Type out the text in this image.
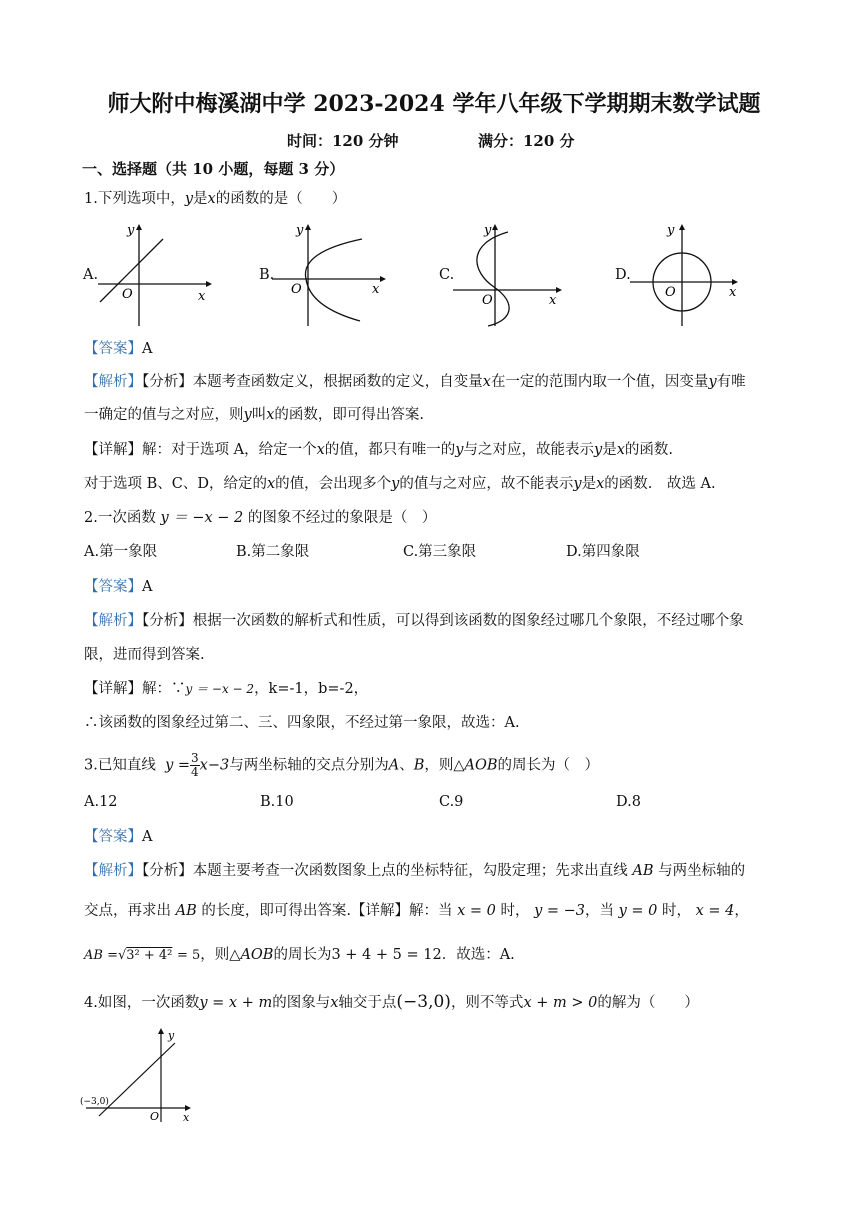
师大附中梅溪湖中学 2023-2024 学年八年级下学期期末数学试题
时间：120 分钟	满分：120 分
一、选择题（共 10 小题，每题 3 分）
1.下列选项中，y是x的函数的是（　　）
A.
x
y
O
B.
x
y
O
C.
x
y
O
D.
x
y
O
【答案】A
【解析】【分析】本题考查函数定义，根据函数的定义，自变量x在一定的范围内取一个值，因变量y有唯
一确定的值与之对应，则y叫x的函数，即可得出答案.
【详解】解：对于选项 A，给定一个x的值，都只有唯一的y与之对应，故能表示y是x的函数.
对于选项 B、C、D，给定的x的值，会出现多个y的值与之对应，故不能表示y是x的函数.　故选 A.
2.一次函数 y ＝ −x − 2 的图象不经过的象限是（　）
A.第一象限	B.第二象限	C.第三象限	D.第四象限
【答案】A
【解析】【分析】根据一次函数的解析式和性质，可以得到该函数的图象经过哪几个象限，不经过哪个象
限，进而得到答案.
【详解】解：∵y ＝ −x − 2，k=-1，b=-2，
∴该函数的图象经过第二、三、四象限，不经过第一象限，故选：A.
3.已知直线 $y = \frac{3}{4} x-3$与两坐标轴的交点分别为A、B，则△AOB的周长为（　）
A.12	B.10	C.9	D.8
【答案】A
【解析】【分析】本题主要考查一次函数图象上点的坐标特征，勾股定理；先求出直线 AB 与两坐标轴的
交点，再求出 AB 的长度，即可得出答案.【详解】解：当 x = 0 时， y = −3，当 y = 0 时， x = 4，
AB =√3² + 4² = 5，则△AOB的周长为3 + 4 + 5 = 12．故选：A.
4.如图，一次函数y = x + m的图象与x轴交于点(−3,0)，则不等式x + m > 0的解为（　　）
(−3,0)
x
y
O
